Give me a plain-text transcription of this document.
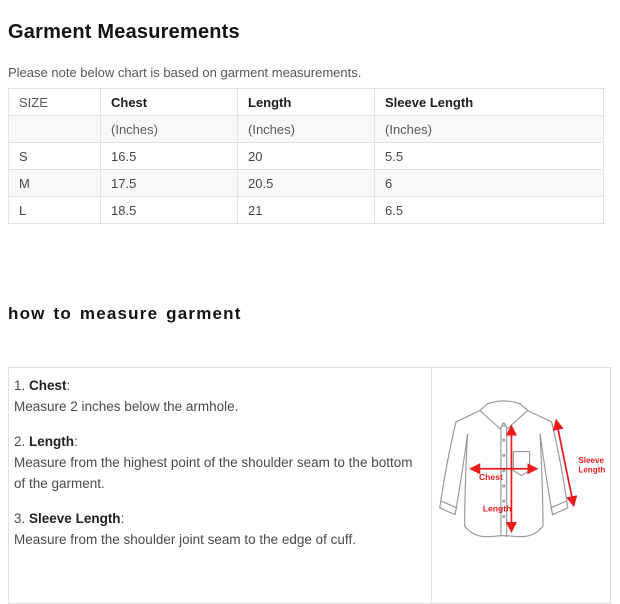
Garment Measurements

Please note below chart is based on garment measurements.

SIZE	Chest	Length	Sleeve Length
	(Inches)	(Inches)	(Inches)
S	16.5	20	5.5
M	17.5	20.5	6
L	18.5	21	6.5
how to measure garment

1. Chest:
Measure 2 inches below the armhole.

2. Length:
Measure from the highest point of the shoulder seam to the bottom of the garment.

3. Sleeve Length:
Measure from the shoulder joint seam to the edge of cuff.

Chest
Length
Sleeve
Length
